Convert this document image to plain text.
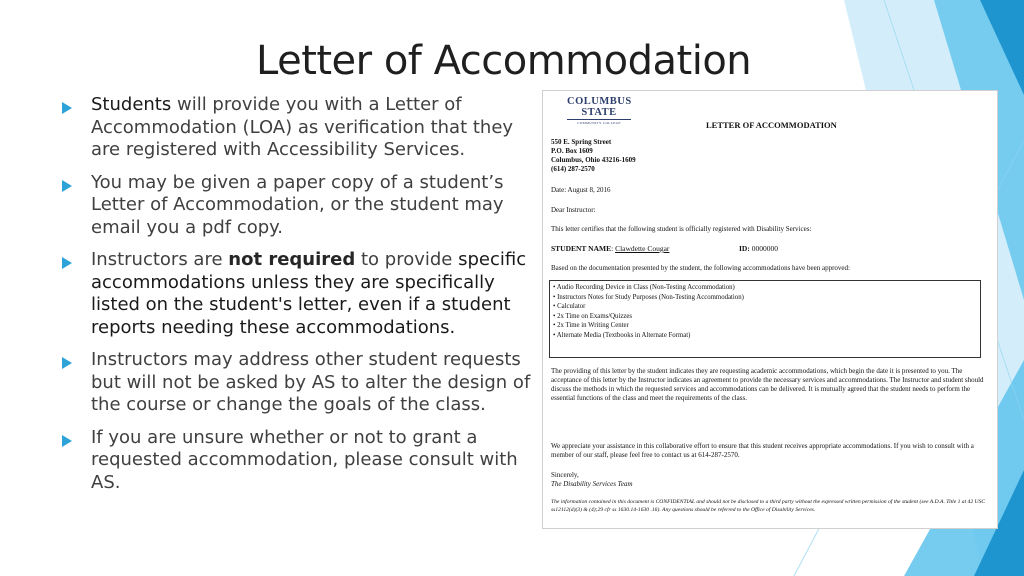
Letter of Accommodation
Students will provide you with a Letter of Accommodation (LOA) as verification that they are registered with Accessibility Services.
You may be given a paper copy of a student’s Letter of Accommodation, or the student may email you a pdf copy.
Instructors are not required to provide specific accommodations unless they are specifically listed on the student's letter, even if a student reports needing these accommodations.
Instructors may address other student requests but will not be asked by AS to alter the design of the course or change the goals of the class.
If you are unsure whether or not to grant a requested accommodation, please consult with AS.
COLUMBUS
STATE
COMMUNITY COLLEGE	LETTER OF ACCOMMODATION
550 E. Spring Street
P.O. Box 1609
Columbus, Ohio 43216-1609
(614) 287-2570
Date: August 8, 2016
Dear Instructor:
This letter certifies that the following student is officially registered with Disability Services:
STUDENT NAME: Clawdette Cougar	ID: 0000000
Based on the documentation presented by the student, the following accommodations have been approved:
• Audio Recording Device in Class (Non-Testing Accommodation)
• Instructors Notes for Study Purposes (Non-Testing Accommodation)
• Calculator
• 2x Time on Exams/Quizzes
• 2x Time in Writing Center
• Alternate Media (Textbooks in Alternate Format)
The providing of this letter by the student indicates they are requesting academic accommodations, which begin the date it is presented to you. The acceptance of this letter by the Instructor indicates an agreement to provide the necessary services and accommodations. The Instructor and student should discuss the methods in which the requested services and accommodations can be delivered. It is mutually agreed that the student needs to perform the essential functions of the class and meet the requirements of the class.
We appreciate your assistance in this collaborative effort to ensure that this student receives appropriate accommodations. If you wish to consult with a member of our staff, please feel free to contact us at 614-287-2570.
Sincerely,
The Disability Services Team
The information contained in this document is CONFIDENTIAL and should not be disclosed to a third party without the expressed written permission of the student (see A.D.A. Title 1 at 42 USC ss12112(d)(3) & (4);29 cfr ss 1630.14-1630 .16). Any questions should be referred to the Office of Disability Services.
